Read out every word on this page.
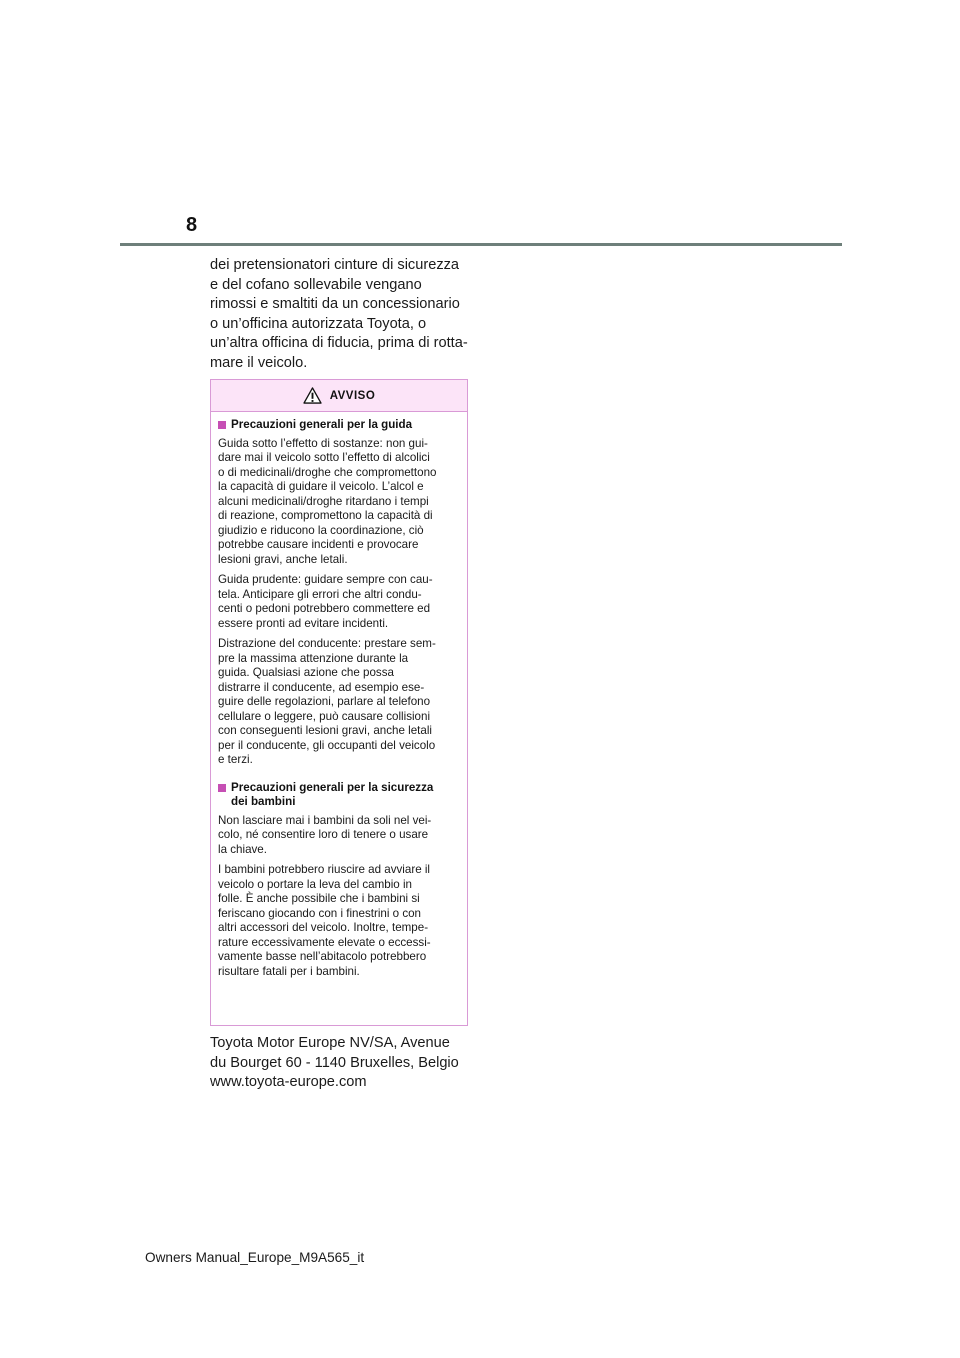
8
dei pretensionatori cinture di sicurezza
e del cofano sollevabile vengano
rimossi e smaltiti da un concessionario
o un’officina autorizzata Toyota, o
un’altra officina di fiducia, prima di rotta-
mare il veicolo.
AVVISO
Precauzioni generali per la guida

Guida sotto l’effetto di sostanze: non gui-
dare mai il veicolo sotto l’effetto di alcolici
o di medicinali/droghe che compromettono
la capacità di guidare il veicolo. L’alcol e
alcuni medicinali/droghe ritardano i tempi
di reazione, compromettono la capacità di
giudizio e riducono la coordinazione, ciò
potrebbe causare incidenti e provocare
lesioni gravi, anche letali.

Guida prudente: guidare sempre con cau-
tela. Anticipare gli errori che altri condu-
centi o pedoni potrebbero commettere ed
essere pronti ad evitare incidenti.

Distrazione del conducente: prestare sem-
pre la massima attenzione durante la
guida. Qualsiasi azione che possa
distrarre il conducente, ad esempio ese-
guire delle regolazioni, parlare al telefono
cellulare o leggere, può causare collisioni
con conseguenti lesioni gravi, anche letali
per il conducente, gli occupanti del veicolo
e terzi.

Precauzioni generali per la sicurezza
dei bambini

Non lasciare mai i bambini da soli nel vei-
colo, né consentire loro di tenere o usare
la chiave.

I bambini potrebbero riuscire ad avviare il
veicolo o portare la leva del cambio in
folle. È anche possibile che i bambini si
feriscano giocando con i finestrini o con
altri accessori del veicolo. Inoltre, tempe-
rature eccessivamente elevate o eccessi-
vamente basse nell’abitacolo potrebbero
risultare fatali per i bambini.

Toyota Motor Europe NV/SA, Avenue
du Bourget 60 - 1140 Bruxelles, Belgio
www.toyota-europe.com
Owners Manual_Europe_M9A565_it
